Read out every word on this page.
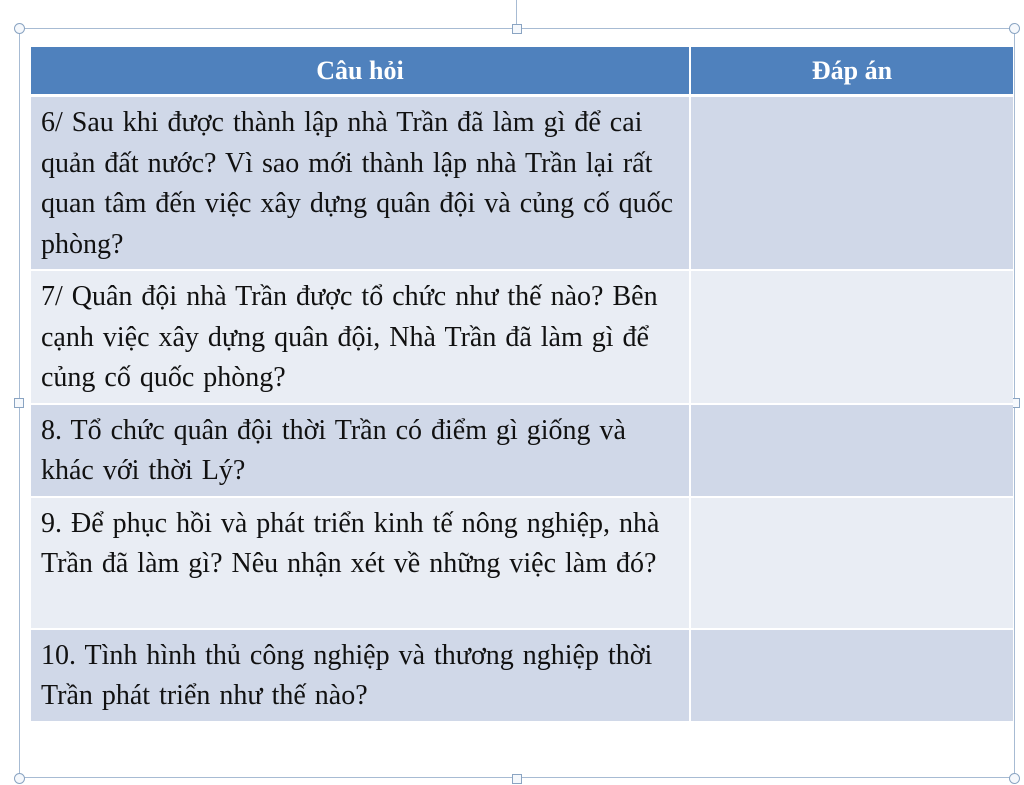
Câu hỏi	Đáp án
6/ Sau khi được thành lập nhà Trần đã làm gì để cai quản đất nước? Vì sao mới thành lập nhà Trần lại rất quan tâm đến việc xây dựng quân đội và củng cố quốc phòng?	
7/ Quân đội nhà Trần được tổ chức như thế nào? Bên cạnh việc xây dựng quân đội, Nhà Trần đã làm gì để củng cố quốc phòng?	
8. Tổ chức quân đội thời Trần có điểm gì giống và khác với thời Lý?	
9. Để phục hồi và phát triển kinh tế nông nghiệp, nhà Trần đã làm gì? Nêu nhận xét về những việc làm đó?	
10. Tình hình thủ công nghiệp và thương nghiệp thời Trần phát triển như thế nào?	
